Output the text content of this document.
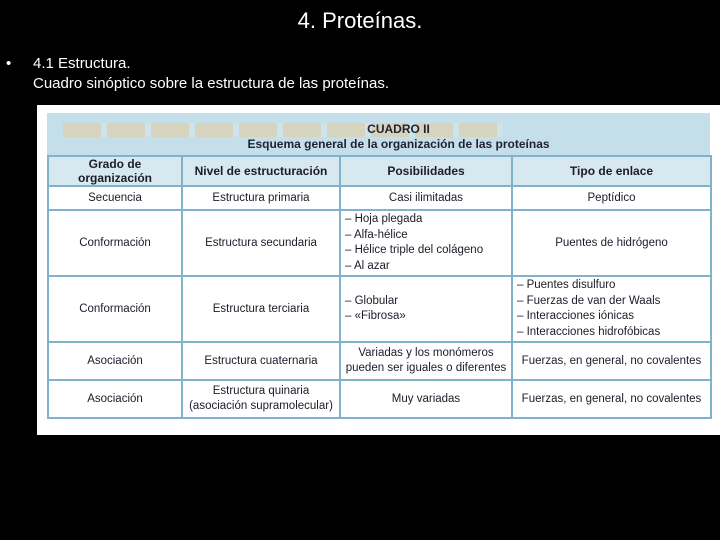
4. Proteínas.
• 4.1 Estructura.
Cuadro sinóptico sobre la estructura de las proteínas.
CUADRO II
Esquema general de la organización de las proteínas
Grado de organización	Nivel de estructuración	Posibilidades	Tipo de enlace
Secuencia	Estructura primaria	Casi ilimitadas	Peptídico
Conformación	Estructura secundaria	– Hoja plegada
– Alfa-hélice
– Hélice triple del colágeno
– Al azar	Puentes de hidrógeno
Conformación	Estructura terciaria	– Globular
– «Fibrosa»	– Puentes disulfuro
– Fuerzas de van der Waals
– Interacciones iónicas
– Interacciones hidrofóbicas

Asociación	Estructura cuaternaria	Variadas y los monómeros
pueden ser iguales o diferentes	Fuerzas, en general, no covalentes
Asociación	Estructura quinaria
(asociación supramolecular)	Muy variadas	Fuerzas, en general, no covalentes
